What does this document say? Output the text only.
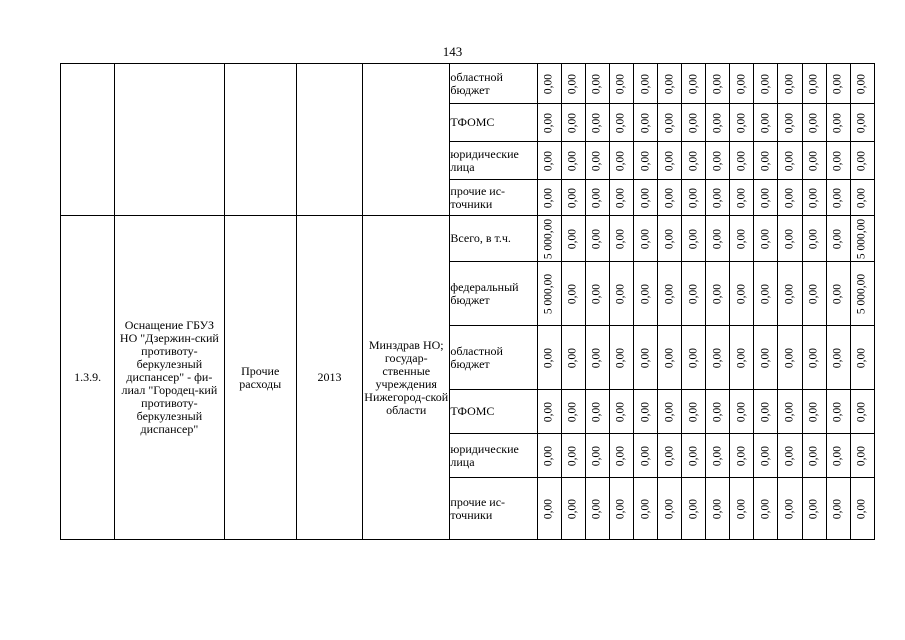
143
					областной бюджет	0,00	0,00	0,00	0,00	0,00	0,00	0,00	0,00	0,00	0,00	0,00	0,00	0,00	0,00

					ТФОМС	0,00	0,00	0,00	0,00	0,00	0,00	0,00	0,00	0,00	0,00	0,00	0,00	0,00	0,00

					юридические лица	0,00	0,00	0,00	0,00	0,00	0,00	0,00	0,00	0,00	0,00	0,00	0,00	0,00	0,00

					прочие ис-точники	0,00	0,00	0,00	0,00	0,00	0,00	0,00	0,00	0,00	0,00	0,00	0,00	0,00	0,00

1.3.9.	Оснащение ГБУЗ НО "Дзержин-ский противоту-беркулезный диспансер" - фи-лиал "Городец-кий противоту-беркулезный диспансер"	Прочие расходы	2013	Минздрав НО; государ-ственные учреждения Нижегород-ской области	Всего, в т.ч.	5 000,00	0,00	0,00	0,00	0,00	0,00	0,00	0,00	0,00	0,00	0,00	0,00	0,00	5 000,00

					федеральный бюджет	5 000,00	0,00	0,00	0,00	0,00	0,00	0,00	0,00	0,00	0,00	0,00	0,00	0,00	5 000,00

					областной бюджет	0,00	0,00	0,00	0,00	0,00	0,00	0,00	0,00	0,00	0,00	0,00	0,00	0,00	0,00

					ТФОМС	0,00	0,00	0,00	0,00	0,00	0,00	0,00	0,00	0,00	0,00	0,00	0,00	0,00	0,00

					юридические лица	0,00	0,00	0,00	0,00	0,00	0,00	0,00	0,00	0,00	0,00	0,00	0,00	0,00	0,00

					прочие ис-точники	0,00	0,00	0,00	0,00	0,00	0,00	0,00	0,00	0,00	0,00	0,00	0,00	0,00	0,00
